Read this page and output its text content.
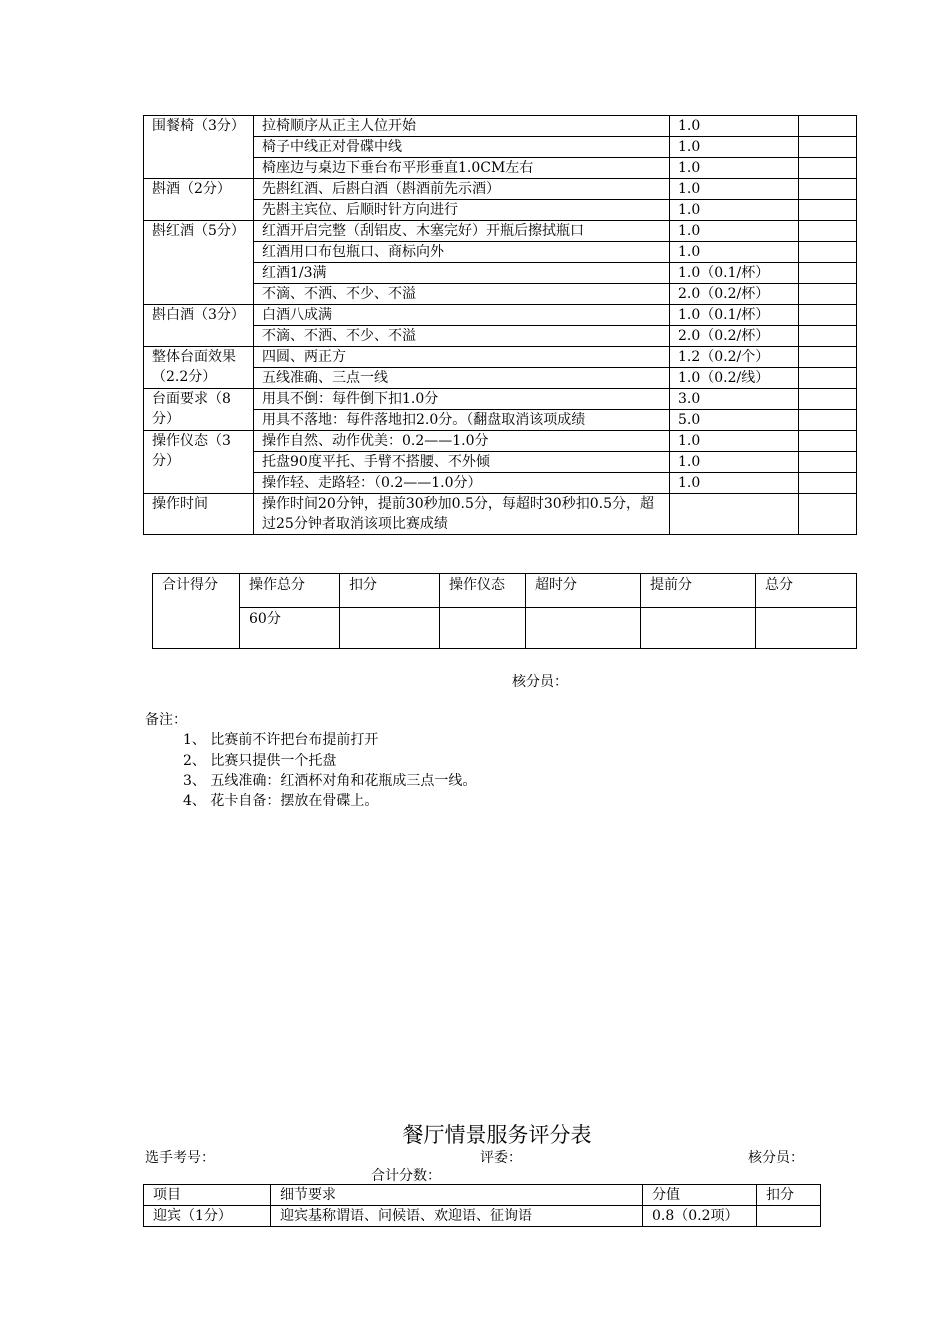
围餐椅（3分）	拉椅顺序从正主人位开始	1.0	
	椅子中线正对骨碟中线	1.0	
	椅座边与桌边下垂台布平形垂直1.0CM左右	1.0	
斟酒（2分）	先斟红酒、后斟白酒（斟酒前先示酒）	1.0	
	先斟主宾位、后顺时针方向进行	1.0	
斟红酒（5分）	红酒开启完整（刮铝皮、木塞完好）开瓶后擦拭瓶口	1.0	
	红酒用口布包瓶口、商标向外	1.0	
	红酒1/3满	1.0（0.1/杯）	
	不滴、不洒、不少、不溢	2.0（0.2/杯）	
斟白酒（3分）	白酒八成满	1.0（0.1/杯）	
	不滴、不洒、不少、不溢	2.0（0.2/杯）	
整体台面效果（2.2分）	四圆、两正方	1.2（0.2/个）	
	五线准确、三点一线	1.0（0.2/线）	
台面要求（8分）	用具不倒：每件倒下扣1.0分	3.0	
	用具不落地：每件落地扣2.0分。（翻盘取消该项成绩	5.0	
操作仪态（3分）	操作自然、动作优美：0.2——1.0分	1.0	
	托盘90度平托、手臂不搭腰、不外倾	1.0	
	操作轻、走路轻：（0.2——1.0分）	1.0	
操作时间	操作时间20分钟，提前30秒加0.5分，每超时30秒扣0.5分，超过25分钟者取消该项比赛成绩		
合计得分	操作总分	扣分	操作仪态	超时分	提前分	总分
	60分					
核分员：
备注：
1、 比赛前不许把台布提前打开
2、 比赛只提供一个托盘
3、 五线准确：红酒杯对角和花瓶成三点一线。
4、 花卡自备：摆放在骨碟上。
餐厅情景服务评分表
选手考号：	评委：	核分员：
合计分数：
项目	细节要求	分值	扣分
迎宾（1分）	迎宾基称谓语、问候语、欢迎语、征询语	0.8（0.2项）	
